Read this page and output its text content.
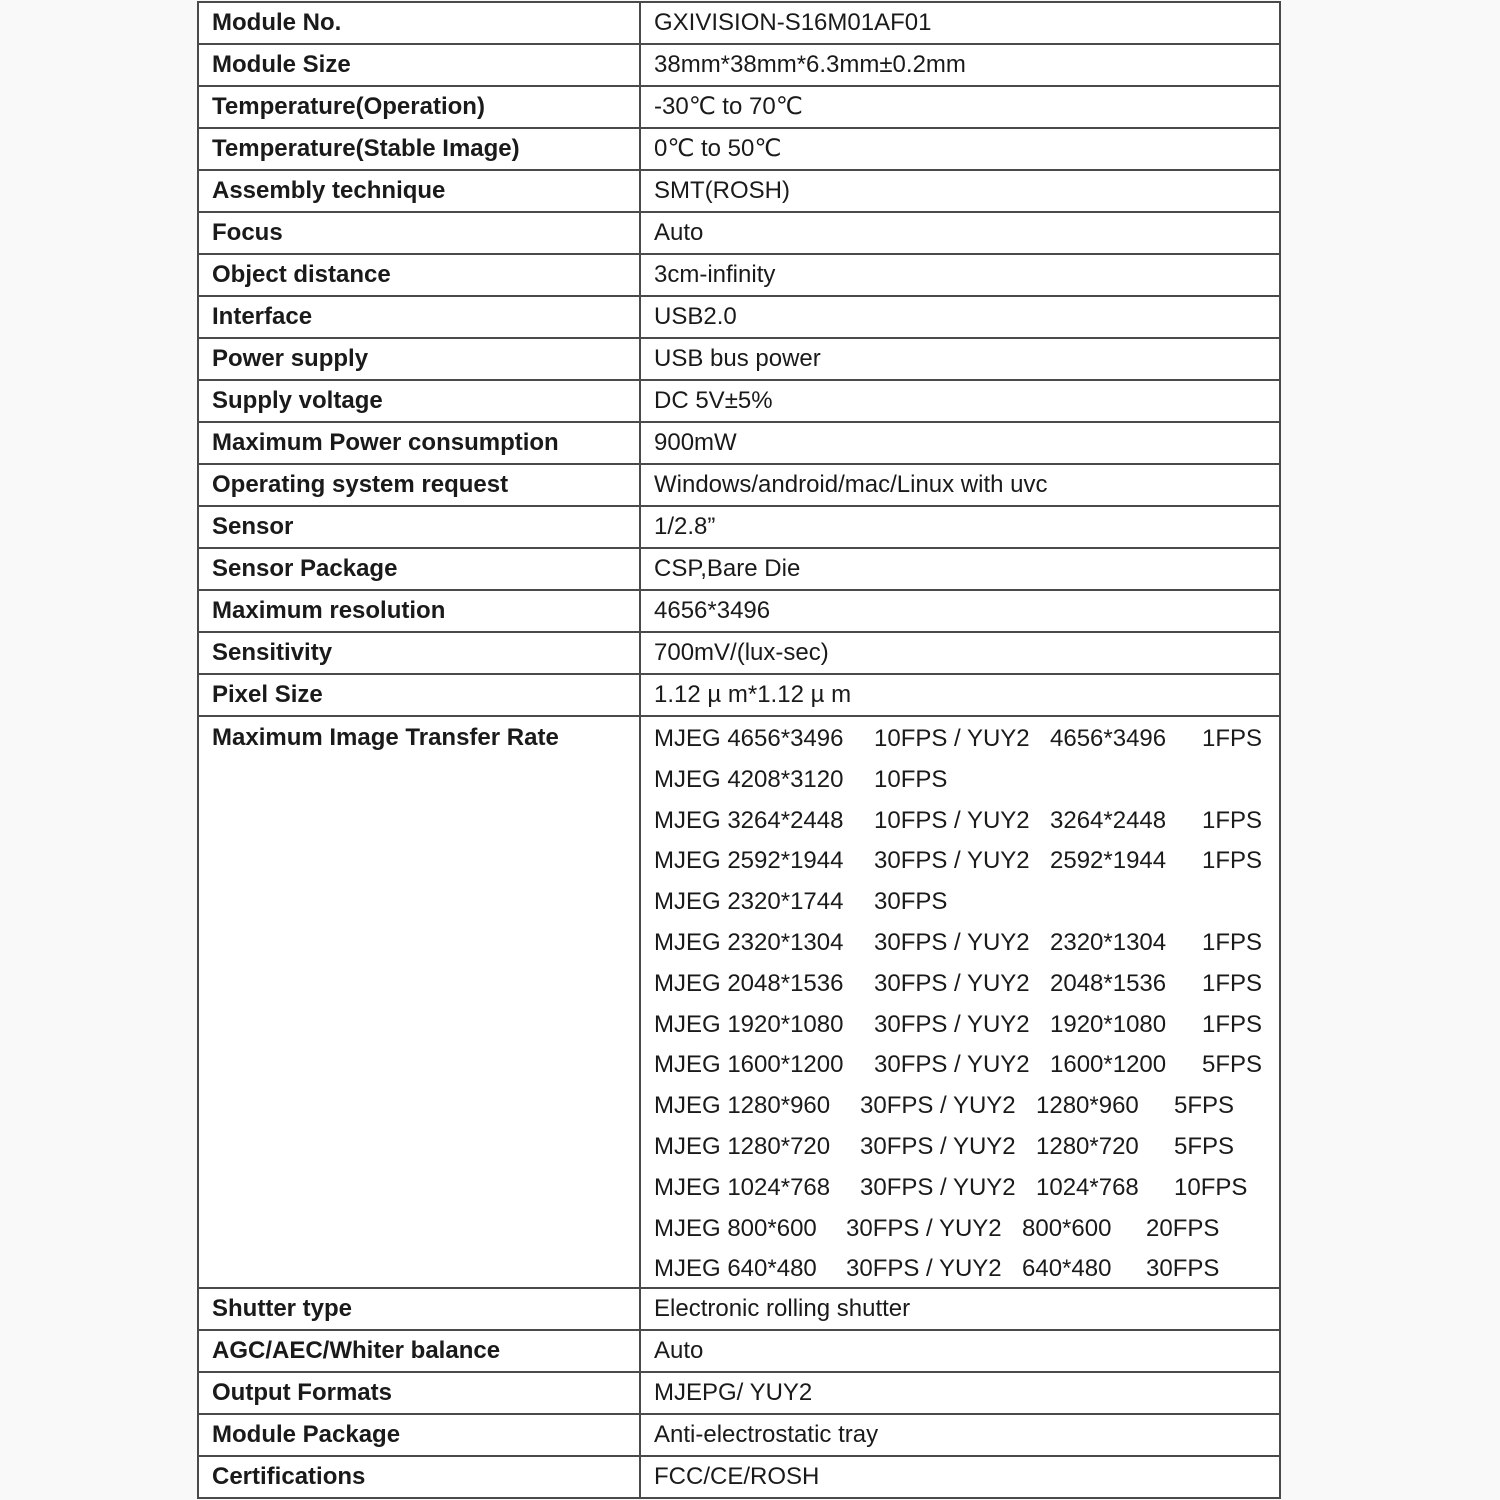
Module No.	GXIVISION-S16M01AF01
Module Size	38mm*38mm*6.3mm±0.2mm
Temperature(Operation)	-30℃ to 70℃
Temperature(Stable Image)	0℃ to 50℃
Assembly technique	SMT(ROSH)
Focus	Auto
Object distance	3cm-infinity
Interface	USB2.0
Power supply	USB bus power
Supply voltage	DC 5V±5%
Maximum Power consumption	900mW
Operating system request	Windows/android/mac/Linux with uvc
Sensor	1/2.8”
Sensor Package	CSP,Bare Die
Maximum resolution	4656*3496
Sensitivity	700mV/(lux-sec)
Pixel Size	1.12 µ m*1.12 µ m
Maximum Image Transfer Rate	MJEG 4656*3496 10FPS / YUY2 4656*3496 1FPS
MJEG 4208*3120 10FPS
MJEG 3264*2448 10FPS / YUY2 3264*2448 1FPS
MJEG 2592*1944 30FPS / YUY2 2592*1944 1FPS
MJEG 2320*1744 30FPS
MJEG 2320*1304 30FPS / YUY2 2320*1304 1FPS
MJEG 2048*1536 30FPS / YUY2 2048*1536 1FPS
MJEG 1920*1080 30FPS / YUY2 1920*1080 1FPS
MJEG 1600*1200 30FPS / YUY2 1600*1200 5FPS
MJEG 1280*960 30FPS / YUY2 1280*960 5FPS
MJEG 1280*720 30FPS / YUY2 1280*720 5FPS
MJEG 1024*768 30FPS / YUY2 1024*768 10FPS
MJEG 800*600 30FPS / YUY2 800*600 20FPS
MJEG 640*480 30FPS / YUY2 640*480 30FPS
Shutter type	Electronic rolling shutter
AGC/AEC/Whiter balance	Auto
Output Formats	MJEPG/ YUY2
Module Package	Anti-electrostatic tray
Certifications	FCC/CE/ROSH
